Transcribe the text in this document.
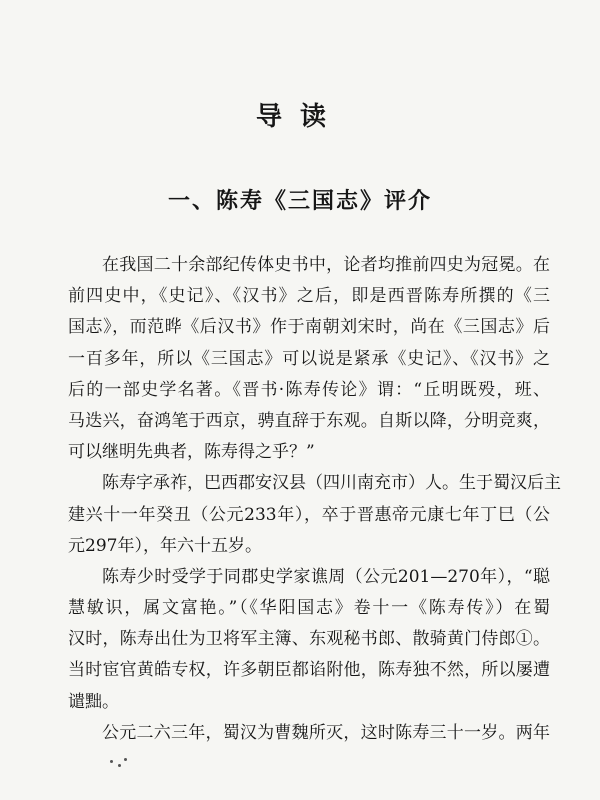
导读
一、陈寿《三国志》评介
在我国二十余部纪传体史书中，论者均推前四史为冠冕。在
前四史中，《史记》、《汉书》之后，即是西晋陈寿所撰的《三
国志》，而范晔《后汉书》作于南朝刘宋时，尚在《三国志》后
一百多年，所以《三国志》可以说是紧承《史记》、《汉书》之
后的一部史学名著。《晋书·陈寿传论》谓：“丘明既殁，班、
马迭兴，奋鸿笔于西京，骋直辞于东观。自斯以降，分明竞爽，
可以继明先典者，陈寿得之乎？”
陈寿字承祚，巴西郡安汉县（四川南充市）人。生于蜀汉后主
建兴十一年癸丑（公元233年），卒于晋惠帝元康七年丁巳（公
元297年），年六十五岁。
陈寿少时受学于同郡史学家谯周（公元201—270年），“聪
慧敏识，属文富艳。”（《华阳国志》卷十一《陈寿传》）在蜀
汉时，陈寿出仕为卫将军主簿、东观秘书郎、散骑黄门侍郎①。
当时宦官黄皓专权，许多朝臣都谄附他，陈寿独不然，所以屡遭
谴黜。
公元二六三年，蜀汉为曹魏所灭，这时陈寿三十一岁。两年
